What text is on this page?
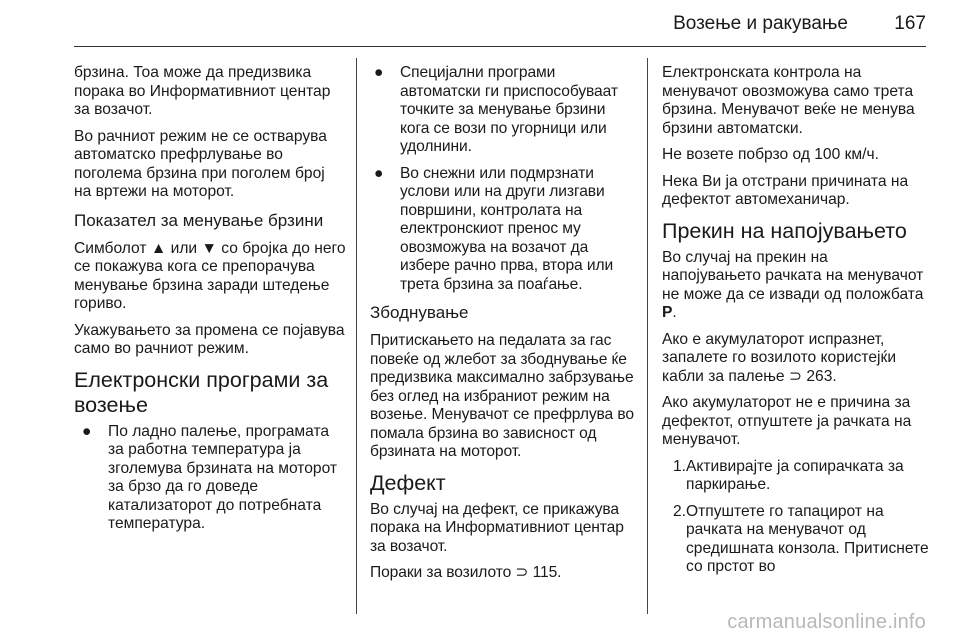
Возење и ракување 167

брзина. Тоа може да предизвика порака во Информативниот центар за возачот.

Во рачниот режим не се остварува автоматско префрлување во поголема брзина при поголем број на вртежи на моторот.

Показател за менување брзини

Симболот ▲ или ▼ со бројка до него се покажува кога се препорачува менување брзина заради штедење гориво.

Укажувањето за промена се појавува само во рачниот режим.

Електронски програми за возење
● По ладно палење, програмата за работна температура ја зголемува брзината на моторот за брзо да го доведе катализаторот до потребната температура.
● Специјални програми автоматски ги приспособуваат точките за менување брзини кога се вози по угорници или удолнини.
● Во снежни или подмрзнати услови или на други лизгави површини, контролата на електронскиот пренос му овозможува на возачот да избере рачно прва, втора или трета брзина за поаѓање.
Збоднување

Притискањето на педалата за гас повеќе од жлебот за збоднување ќе предизвика максимално забрзување без оглед на избраниот режим на возење. Менувачот се префрлува во помала брзина во зависност од брзината на моторот.

Дефект

Во случај на дефект, се прикажува порака на Информативниот центар за возачот.

Пораки за возилото ⊃ 115.

Електронската контрола на менувачот овозможува само трета брзина. Менувачот веќе не менува брзини автоматски.

Не возете побрзо од 100 км/ч.

Нека Ви ја отстрани причината на дефектот автомеханичар.

Прекин на напојувањето

Во случај на прекин на напојувањето рачката на менувачот не може да се извади од положбата P.

Ако е акумулаторот испразнет, запалете го возилото користејќи кабли за палење ⊃ 263.

Ако акумулаторот не е причина за дефектот, отпуштете ја рачката на менувачот.

1. Активирајте ја сопирачката за паркирање.
2. Отпуштете го тапацирот на рачката на менувачот од средишната конзола. Притиснете со прстот во
carmanualsonline.info
